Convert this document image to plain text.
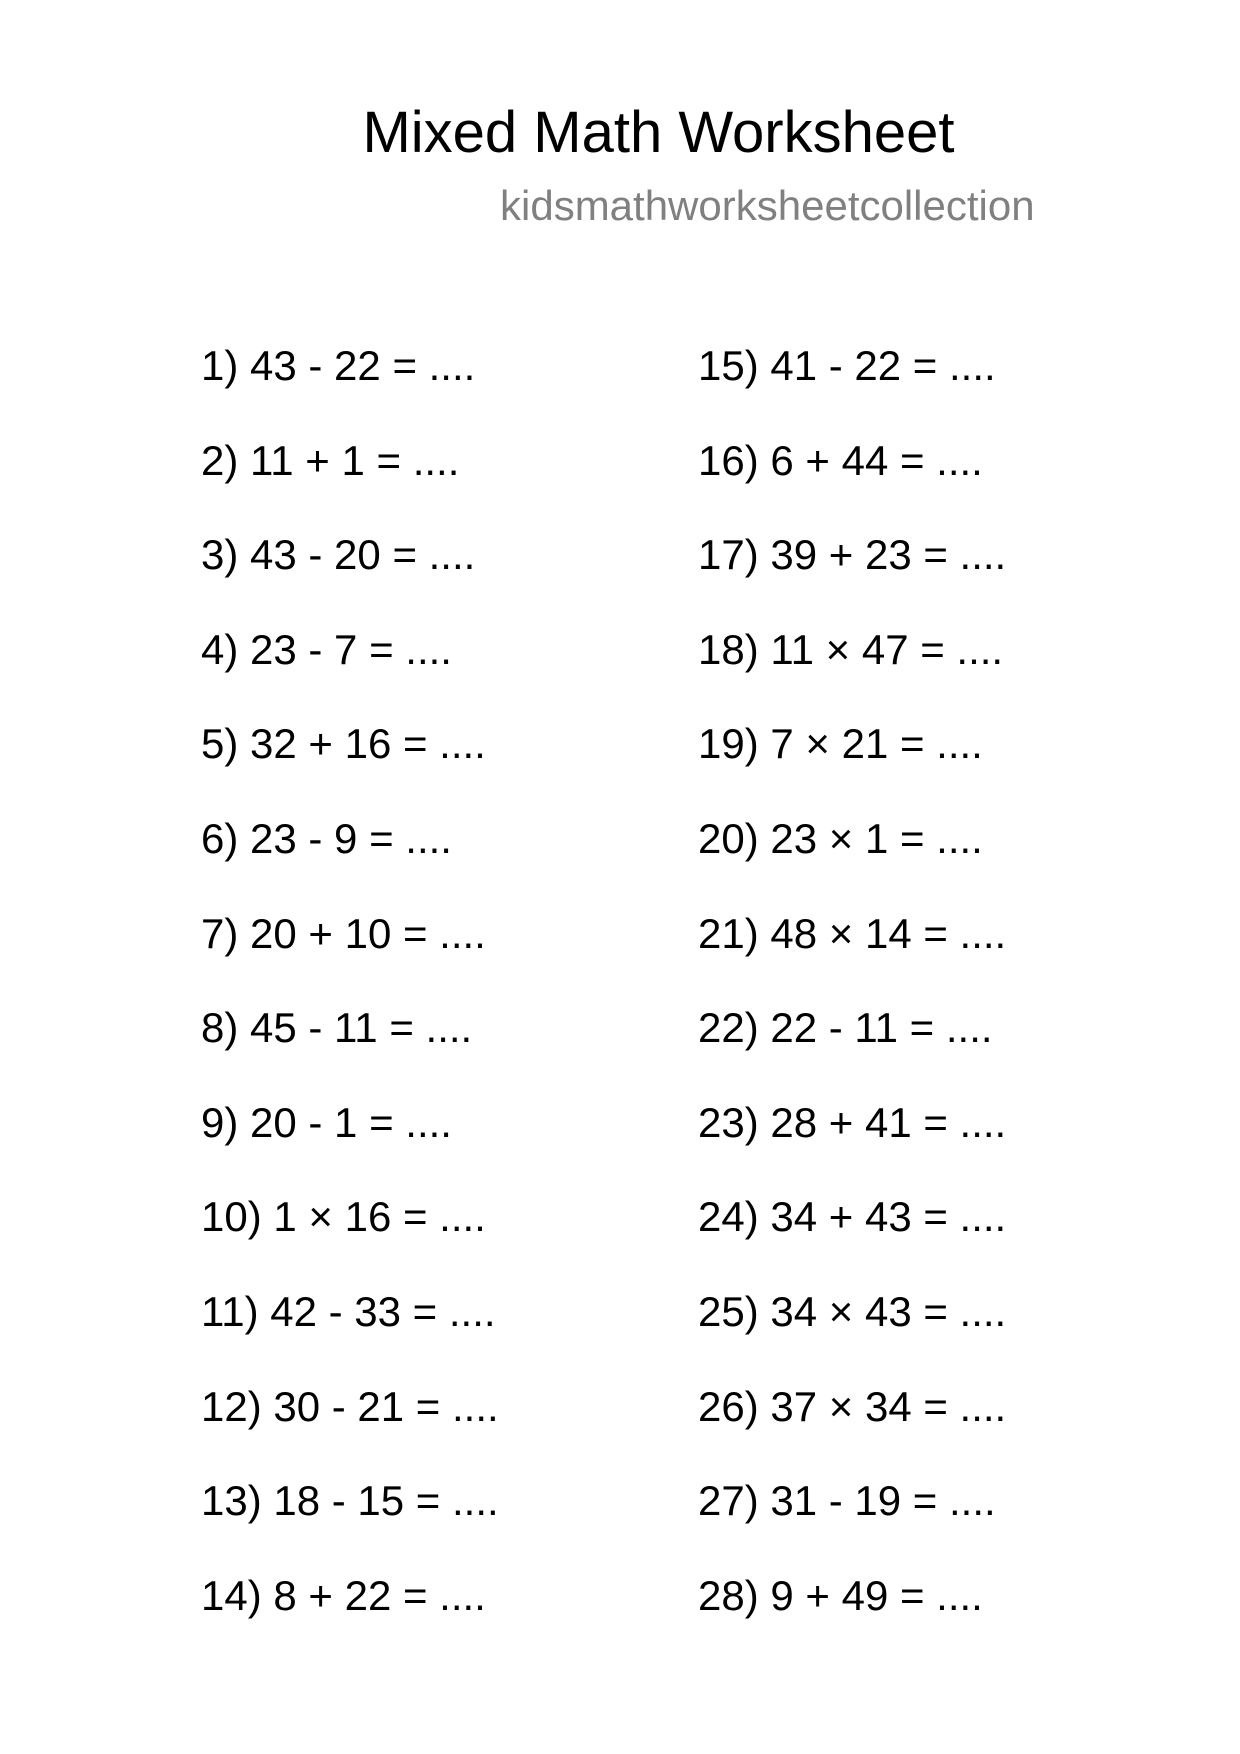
Mixed Math Worksheet
kidsmathworksheetcollection
1) 43 - 22 = ....
2) 11 + 1 = ....
3) 43 - 20 = ....
4) 23 - 7 = ....
5) 32 + 16 = ....
6) 23 - 9 = ....
7) 20 + 10 = ....
8) 45 - 11 = ....
9) 20 - 1 = ....
10) 1 × 16 = ....
11) 42 - 33 = ....
12) 30 - 21 = ....
13) 18 - 15 = ....
14) 8 + 22 = ....
15) 41 - 22 = ....
16) 6 + 44 = ....
17) 39 + 23 = ....
18) 11 × 47 = ....
19) 7 × 21 = ....
20) 23 × 1 = ....
21) 48 × 14 = ....
22) 22 - 11 = ....
23) 28 + 41 = ....
24) 34 + 43 = ....
25) 34 × 43 = ....
26) 37 × 34 = ....
27) 31 - 19 = ....
28) 9 + 49 = ....
